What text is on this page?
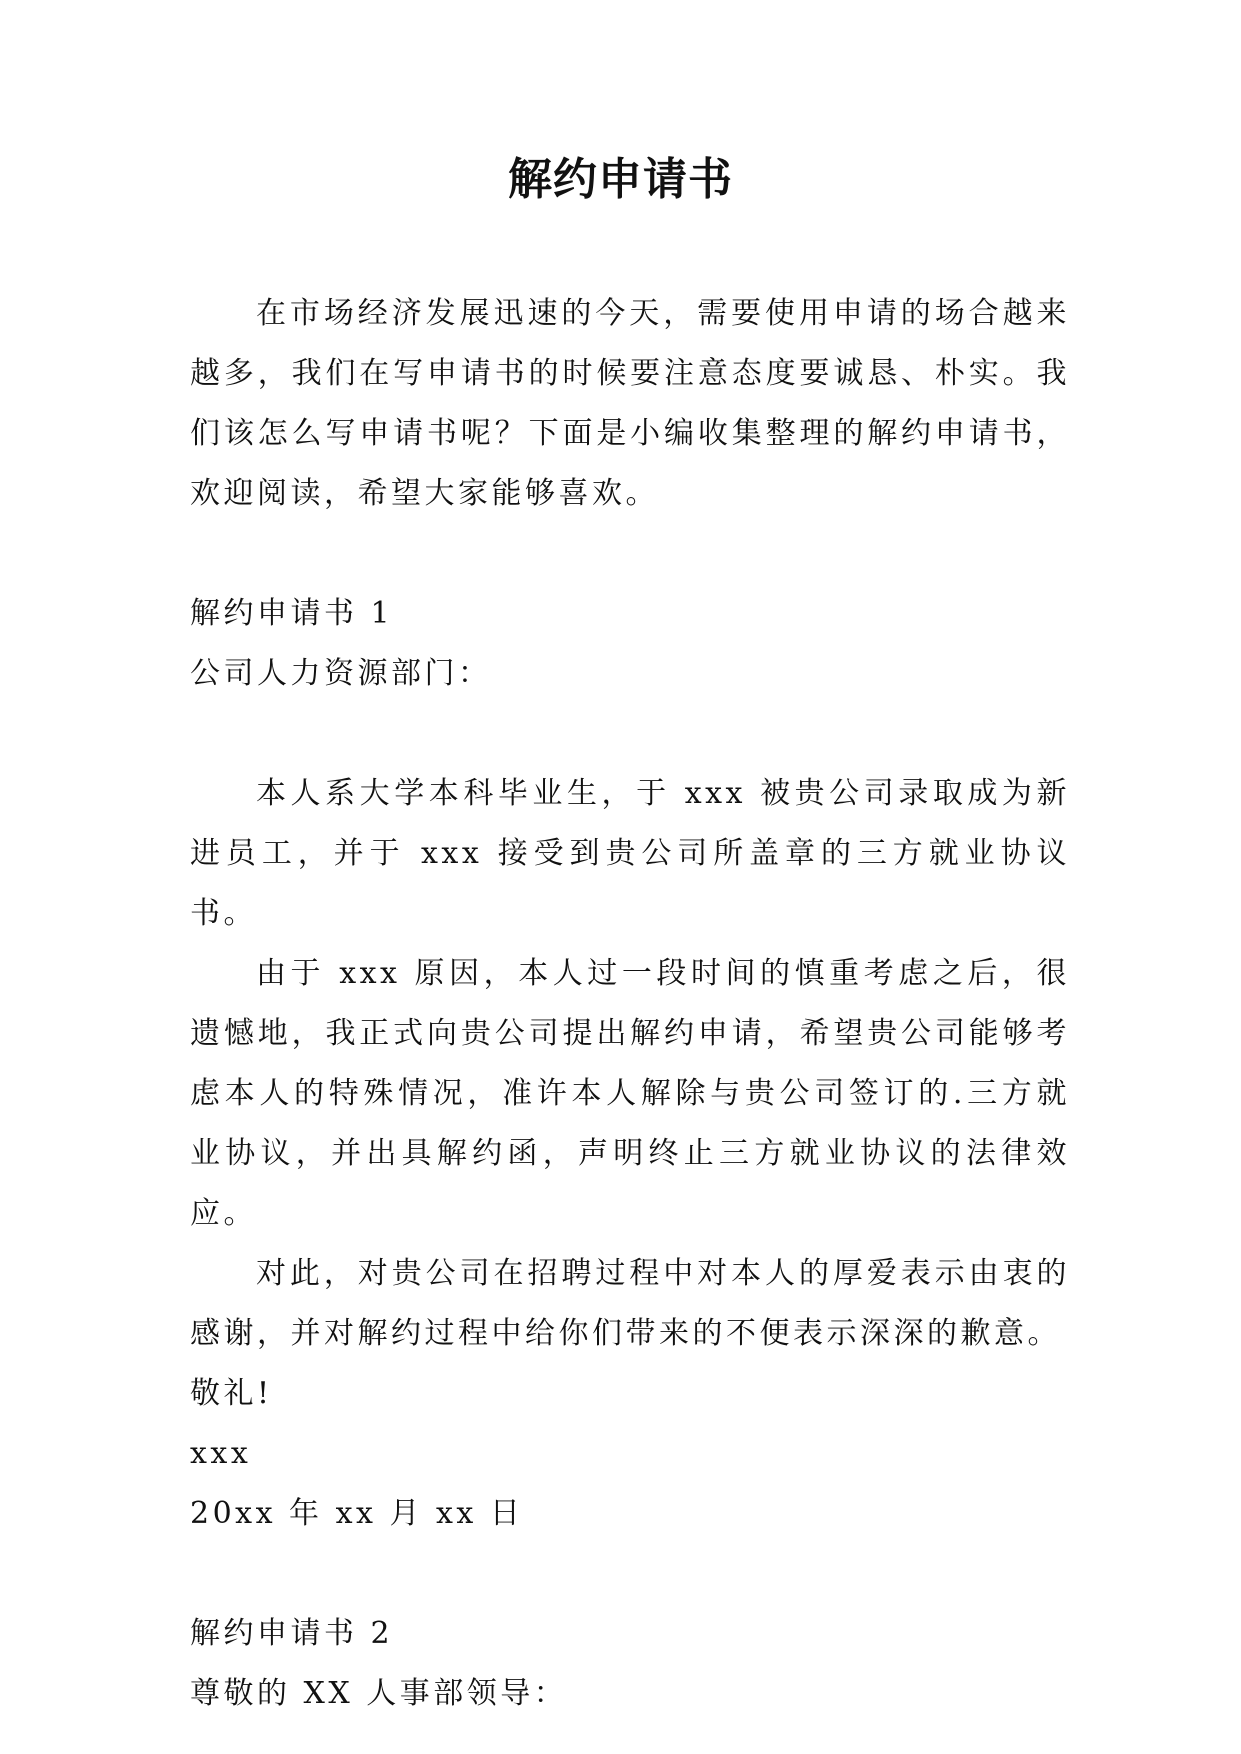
解约申请书

在市场经济发展迅速的今天，需要使用申请的场合越来越多，我们在写申请书的时候要注意态度要诚恳、朴实。我们该怎么写申请书呢？下面是小编收集整理的解约申请书，欢迎阅读，希望大家能够喜欢。

解约申请书 1

公司人力资源部门：

本人系大学本科毕业生，于 xxx 被贵公司录取成为新进员工，并于 xxx 接受到贵公司所盖章的三方就业协议书。

由于 xxx 原因，本人过一段时间的慎重考虑之后，很遗憾地，我正式向贵公司提出解约申请，希望贵公司能够考虑本人的特殊情况，准许本人解除与贵公司签订的.三方就业协议，并出具解约函，声明终止三方就业协议的法律效应。

对此，对贵公司在招聘过程中对本人的厚爱表示由衷的感谢，并对解约过程中给你们带来的不便表示深深的歉意。

敬礼!

xxx

20xx 年 xx 月 xx 日

解约申请书 2

尊敬的 XX 人事部领导：
